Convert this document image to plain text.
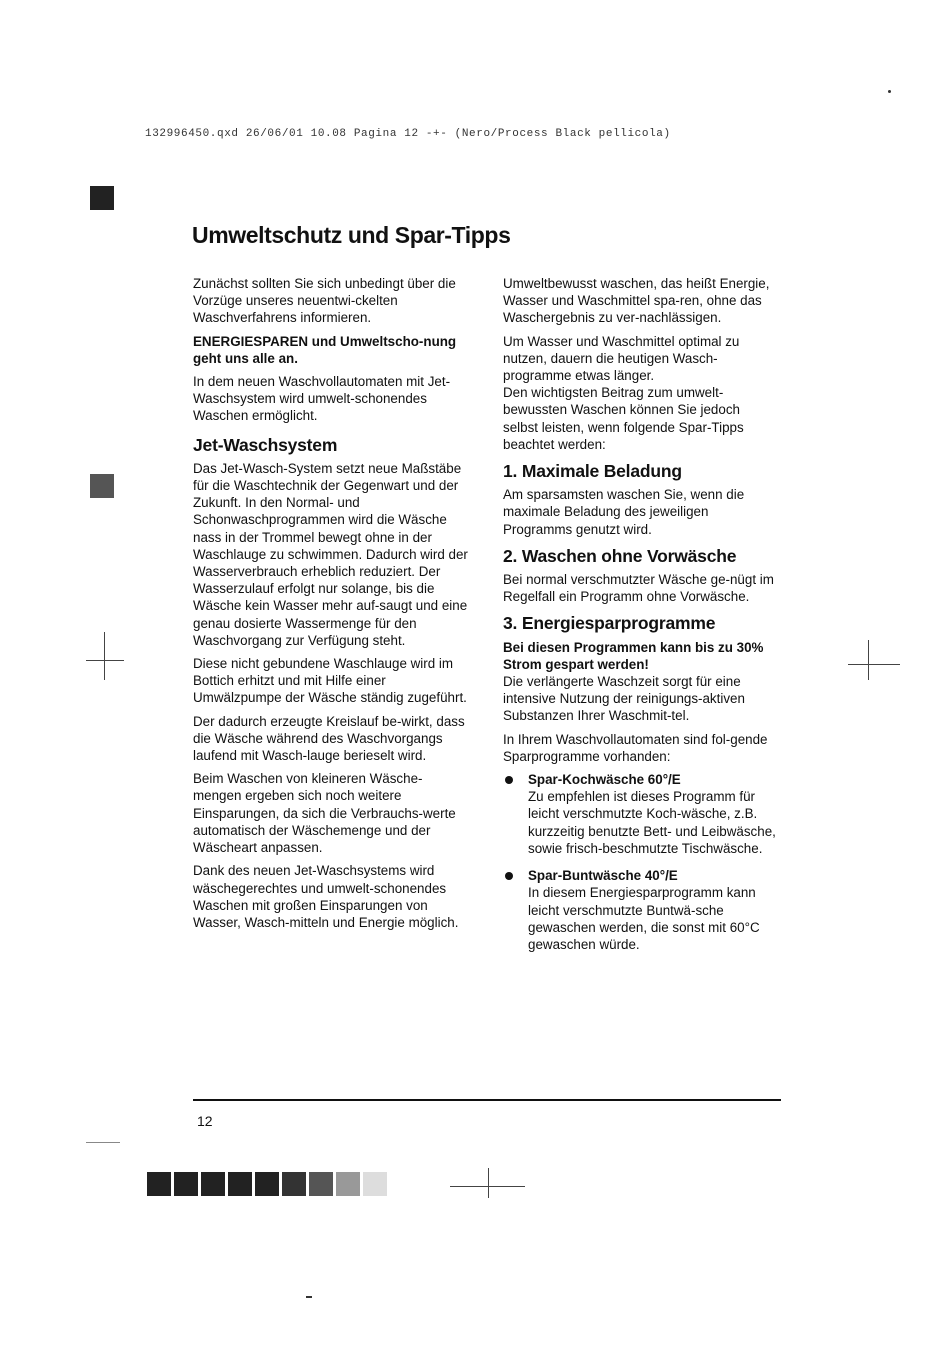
132996450.qxd 26/06/01 10.08 Pagina 12 -+- (Nero/Process Black pellicola)
Umweltschutz und Spar-Tipps

Zunächst sollten Sie sich unbedingt über die Vorzüge unseres neuentwi-ckelten Waschverfahrens informieren.

ENERGIESPAREN und Umweltscho-nung geht uns alle an.

In dem neuen Waschvollautomaten mit Jet-Waschsystem wird umwelt-schonendes Waschen ermöglicht.

Jet-Waschsystem

Das Jet-Wasch-System setzt neue Maßstäbe für die Waschtechnik der Gegenwart und der Zukunft. In den Normal- und Schonwaschprogrammen wird die Wäsche nass in der Trommel bewegt ohne in der Waschlauge zu schwimmen. Dadurch wird der Wasserverbrauch erheblich reduziert. Der Wasserzulauf erfolgt nur solange, bis die Wäsche kein Wasser mehr auf-saugt und eine genau dosierte Wassermenge für den Waschvorgang zur Verfügung steht.

Diese nicht gebundene Waschlauge wird im Bottich erhitzt und mit Hilfe einer Umwälzpumpe der Wäsche ständig zugeführt.

Der dadurch erzeugte Kreislauf be-wirkt, dass die Wäsche während des Waschvorgangs laufend mit Wasch-lauge berieselt wird.

Beim Waschen von kleineren Wäsche-mengen ergeben sich noch weitere Einsparungen, da sich die Verbrauchs-werte automatisch der Wäschemenge und der Wäscheart anpassen.

Dank des neuen Jet-Waschsystems wird wäschegerechtes und umwelt-schonendes Waschen mit großen Einsparungen von Wasser, Wasch-mitteln und Energie möglich.

Umweltbewusst waschen, das heißt Energie, Wasser und Waschmittel spa-ren, ohne das Waschergebnis zu ver-nachlässigen.

Um Wasser und Waschmittel optimal zu nutzen, dauern die heutigen Wasch-programme etwas länger.

Den wichtigsten Beitrag zum umwelt-bewussten Waschen können Sie jedoch selbst leisten, wenn folgende Spar-Tipps beachtet werden:

1. Maximale Beladung

Am sparsamsten waschen Sie, wenn die maximale Beladung des jeweiligen Programms genutzt wird.

2. Waschen ohne Vorwäsche

Bei normal verschmutzter Wäsche ge-nügt im Regelfall ein Programm ohne Vorwäsche.

3. Energiesparprogramme

Bei diesen Programmen kann bis zu 30% Strom gespart werden!

Die verlängerte Waschzeit sorgt für eine intensive Nutzung der reinigungs-aktiven Substanzen Ihrer Waschmit-tel.

In Ihrem Waschvollautomaten sind fol-gende Sparprogramme vorhanden:

Spar-Kochwäsche 60°/E
Zu empfehlen ist dieses Programm für leicht verschmutzte Koch-wäsche, z.B. kurzzeitig benutzte Bett- und Leibwäsche, sowie frisch-beschmutzte Tischwäsche.
Spar-Buntwäsche 40°/E
In diesem Energiesparprogramm kann leicht verschmutzte Buntwä-sche gewaschen werden, die sonst mit 60°C gewaschen würde.
12
